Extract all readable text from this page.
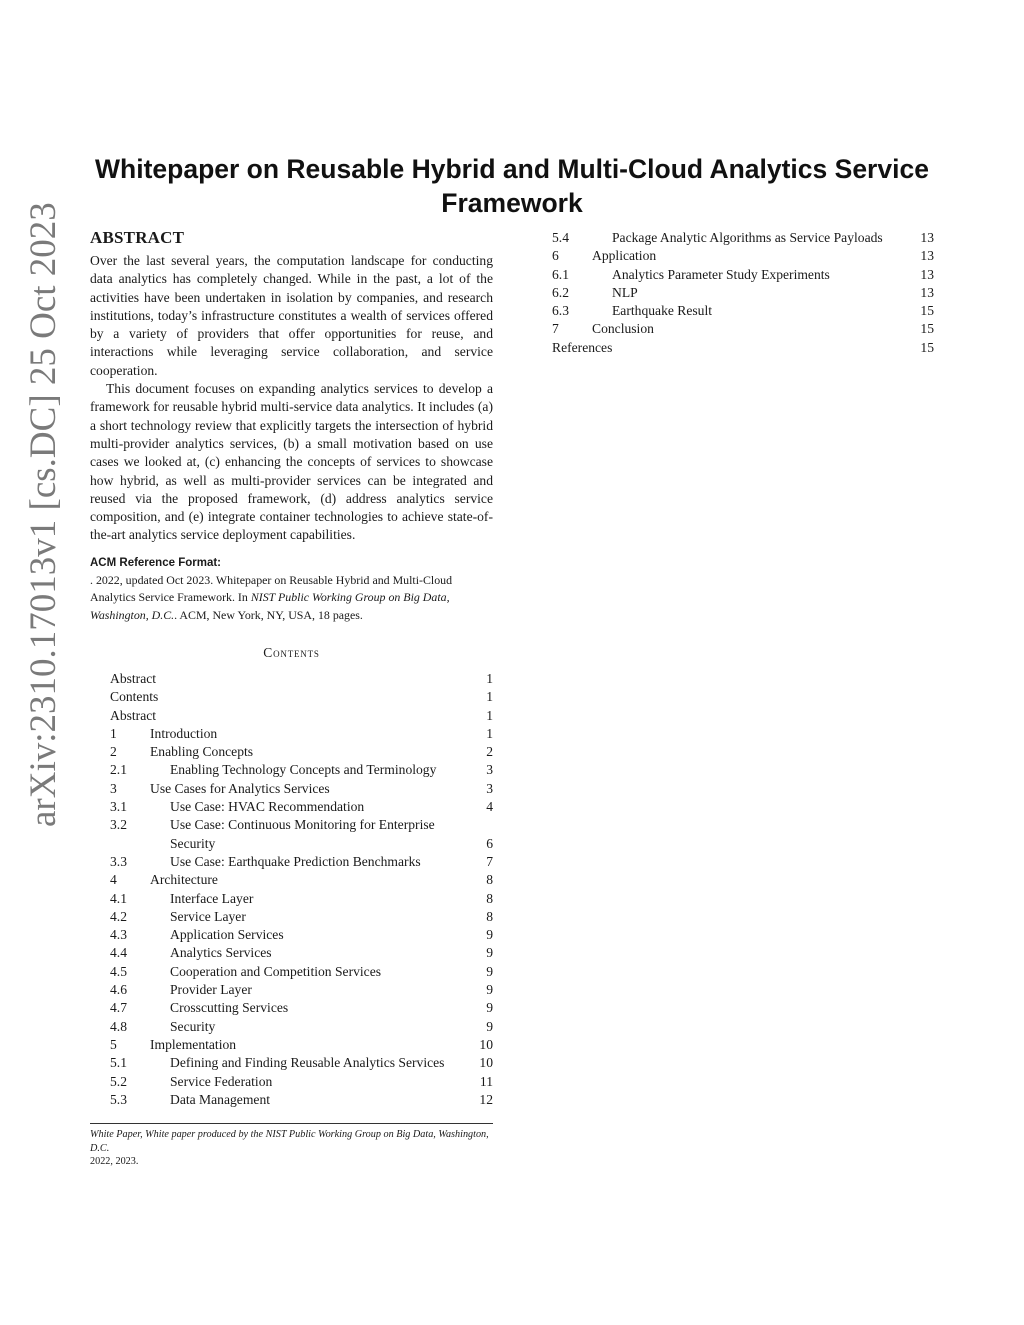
arXiv:2310.17013v1 [cs.DC] 25 Oct 2023
Whitepaper on Reusable Hybrid and Multi-Cloud Analytics Service Framework
ABSTRACT

Over the last several years, the computation landscape for conducting data analytics has completely changed. While in the past, a lot of the activities have been undertaken in isolation by companies, and research institutions, today’s infrastructure constitutes a wealth of services offered by a variety of providers that offer opportunities for reuse, and interactions while leveraging service collaboration, and service cooperation.

This document focuses on expanding analytics services to develop a framework for reusable hybrid multi-service data analytics. It includes (a) a short technology review that explicitly targets the intersection of hybrid multi-provider analytics services, (b) a small motivation based on use cases we looked at, (c) enhancing the concepts of services to showcase how hybrid, as well as multi-provider services can be integrated and reused via the proposed framework, (d) address analytics service composition, and (e) integrate container technologies to achieve state-of-the-art analytics service deployment capabilities.

ACM Reference Format:

. 2022, updated Oct 2023. Whitepaper on Reusable Hybrid and Multi-Cloud Analytics Service Framework. In NIST Public Working Group on Big Data, Washington, D.C.. ACM, New York, NY, USA, 18 pages.

Contents
Abstract	1
Contents	1
Abstract	1
1 Introduction	1
2 Enabling Concepts	2
2.1	Enabling Technology Concepts and Terminology	3
3 Use Cases for Analytics Services	3
3.1	Use Case: HVAC Recommendation	4
3.2	Use Case: Continuous Monitoring for Enterprise
Security	6
3.3	Use Case: Earthquake Prediction Benchmarks	7
4 Architecture	8
4.1	Interface Layer	8
4.2	Service Layer	8
4.3	Application Services	9
4.4	Analytics Services	9
4.5	Cooperation and Competition Services	9
4.6	Provider Layer	9
4.7	Crosscutting Services	9
4.8	Security	9
5 Implementation	10
5.1	Defining and Finding Reusable Analytics Services	10
5.2	Service Federation	11
5.3	Data Management	12
White Paper, White paper produced by the NIST Public Working Group on Big Data, Washington, D.C.
2022, 2023.
5.4	Package Analytic Algorithms as Service Payloads	13
6 Application	13
6.1	Analytics Parameter Study Experiments	13
6.2	NLP	13
6.3	Earthquake Result	15
7 Conclusion	15
References	15
